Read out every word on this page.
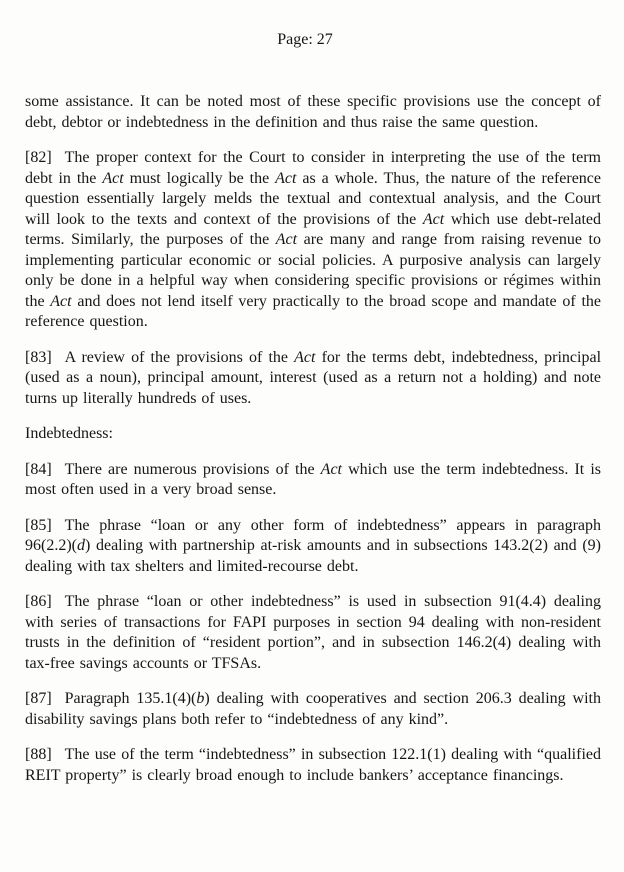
Page: 27

some assistance. It can be noted most of these specific provisions use the concept of debt, debtor or indebtedness in the definition and thus raise the same question.

[82] The proper context for the Court to consider in interpreting the use of the term debt in the Act must logically be the Act as a whole. Thus, the nature of the reference question essentially largely melds the textual and contextual analysis, and the Court will look to the texts and context of the provisions of the Act which use debt-related terms. Similarly, the purposes of the Act are many and range from raising revenue to implementing particular economic or social policies. A purposive analysis can largely only be done in a helpful way when considering specific provisions or régimes within the Act and does not lend itself very practically to the broad scope and mandate of the reference question.

[83] A review of the provisions of the Act for the terms debt, indebtedness, principal (used as a noun), principal amount, interest (used as a return not a holding) and note turns up literally hundreds of uses.

Indebtedness:

[84] There are numerous provisions of the Act which use the term indebtedness. It is most often used in a very broad sense.

[85] The phrase “loan or any other form of indebtedness” appears in paragraph 96(2.2)(d) dealing with partnership at-risk amounts and in subsections 143.2(2) and (9) dealing with tax shelters and limited-recourse debt.

[86] The phrase “loan or other indebtedness” is used in subsection 91(4.4) dealing with series of transactions for FAPI purposes in section 94 dealing with non-resident trusts in the definition of “resident portion”, and in subsection 146.2(4) dealing with tax-free savings accounts or TFSAs.

[87] Paragraph 135.1(4)(b) dealing with cooperatives and section 206.3 dealing with disability savings plans both refer to “indebtedness of any kind”.

[88] The use of the term “indebtedness” in subsection 122.1(1) dealing with “qualified REIT property” is clearly broad enough to include bankers’ acceptance financings.
